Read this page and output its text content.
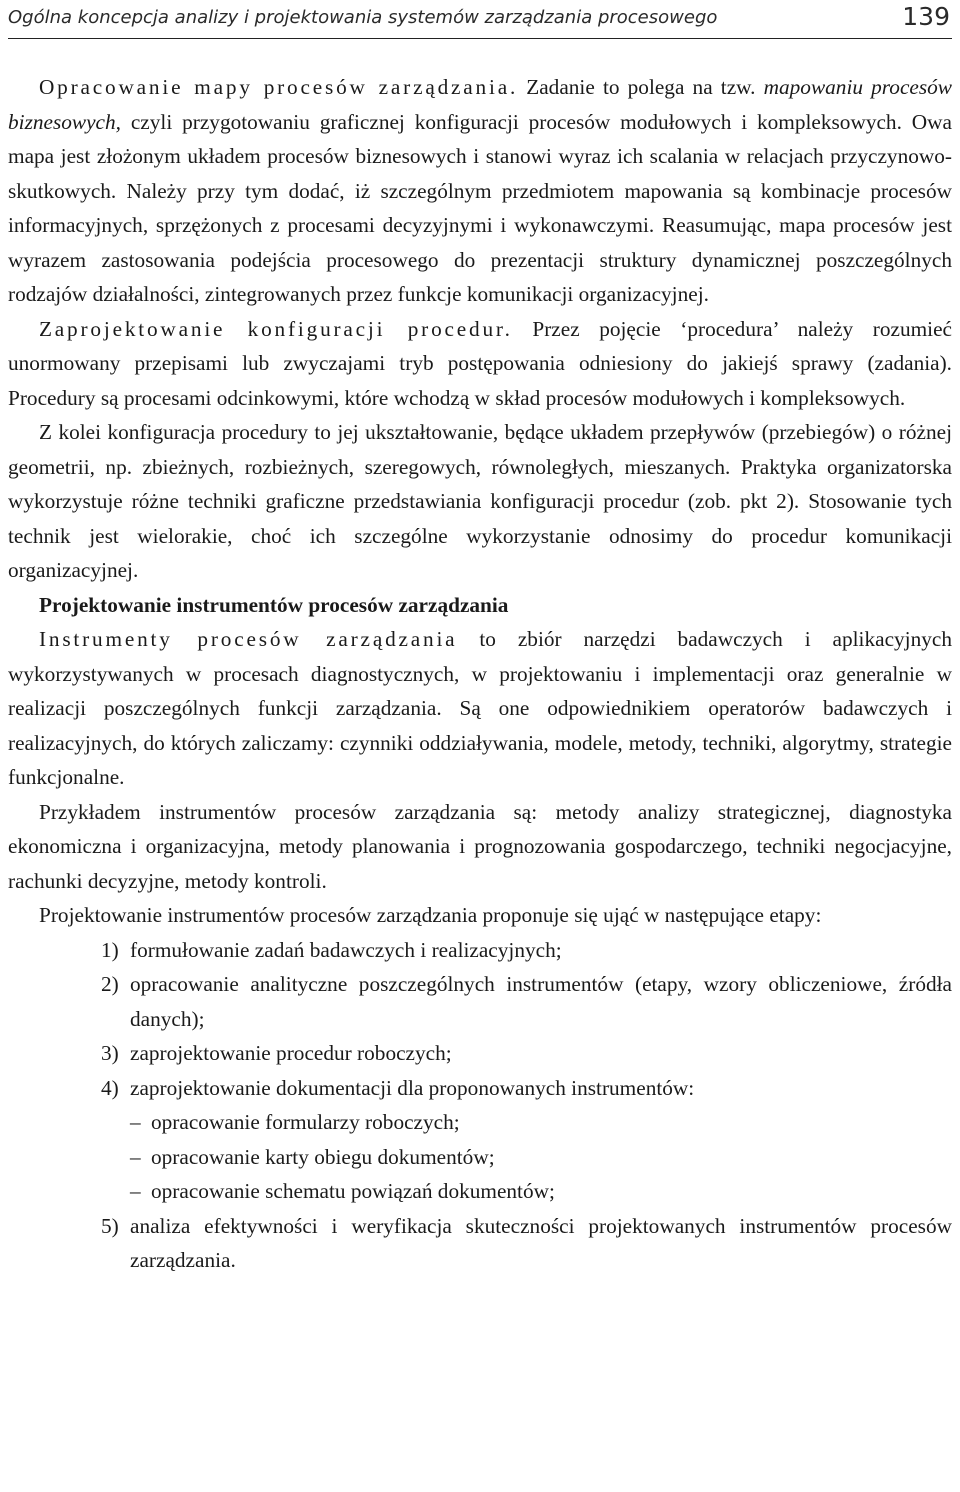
Ogólna koncepcja analizy i projektowania systemów zarządzania procesowego	139

Opracowanie mapy procesów zarządzania. Zadanie to polega na tzw. mapowaniu procesów biznesowych, czyli przygotowaniu graficznej konfiguracji procesów modułowych i kompleksowych. Owa mapa jest złożonym układem procesów biznesowych i stanowi wyraz ich scalania w relacjach przyczynowo-skutkowych. Należy przy tym dodać, iż szczególnym przedmiotem mapowania są kombinacje procesów informacyjnych, sprzężonych z procesami decyzyjnymi i wykonawczymi. Reasumując, mapa procesów jest wyrazem zastosowania podejścia procesowego do prezentacji struktury dynamicznej poszczególnych rodzajów działalności, zintegrowanych przez funkcje komunikacji organizacyjnej.

Zaprojektowanie konfiguracji procedur. Przez pojęcie ‘procedura’ należy rozumieć unormowany przepisami lub zwyczajami tryb postępowania odniesiony do jakiejś sprawy (zadania). Procedury są procesami odcinkowymi, które wchodzą w skład procesów modułowych i kompleksowych.

Z kolei konfiguracja procedury to jej ukształtowanie, będące układem przepływów (przebiegów) o różnej geometrii, np. zbieżnych, rozbieżnych, szeregowych, równoległych, mieszanych. Praktyka organizatorska wykorzystuje różne techniki graficzne przedstawiania konfiguracji procedur (zob. pkt 2). Stosowanie tych technik jest wielorakie, choć ich szczególne wykorzystanie odnosimy do procedur komunikacji organizacyjnej.

Projektowanie instrumentów procesów zarządzania

Instrumenty procesów zarządzania to zbiór narzędzi badawczych i aplikacyjnych wykorzystywanych w procesach diagnostycznych, w projektowaniu i implementacji oraz generalnie w realizacji poszczególnych funkcji zarządzania. Są one odpowiednikiem operatorów badawczych i realizacyjnych, do których zaliczamy: czynniki oddziaływania, modele, metody, techniki, algorytmy, strategie funkcjonalne.

Przykładem instrumentów procesów zarządzania są: metody analizy strategicznej, diagnostyka ekonomiczna i organizacyjna, metody planowania i prognozowania gospodarczego, techniki negocjacyjne, rachunki decyzyjne, metody kontroli.

Projektowanie instrumentów procesów zarządzania proponuje się ująć w następujące etapy:

1) formułowanie zadań badawczych i realizacyjnych;
2) opracowanie analityczne poszczególnych instrumentów (etapy, wzory obliczeniowe, źródła danych);
3) zaprojektowanie procedur roboczych;
4) zaprojektowanie dokumentacji dla proponowanych instrumentów:
– opracowanie formularzy roboczych;
– opracowanie karty obiegu dokumentów;
– opracowanie schematu powiązań dokumentów;
5) analiza efektywności i weryfikacja skuteczności projektowanych instrumentów procesów zarządzania.
